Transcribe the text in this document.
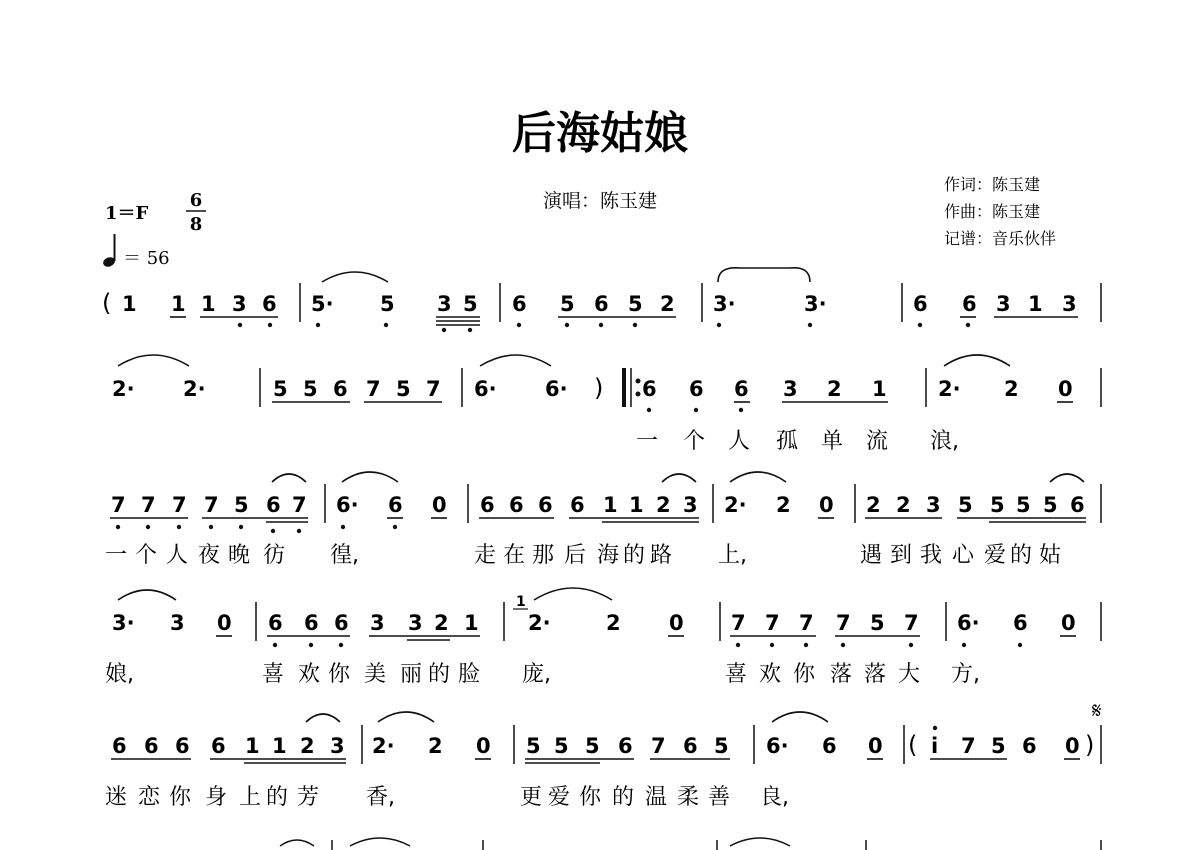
后海姑娘
演唱：陈玉建
作词：陈玉建
作曲：陈玉建
记谱：音乐伙伴
1＝F
6
8
＝ 56
( 1 1 1 3 6 5· 5 3 5 6 5 6 5 2 3·	3·	6 6 3 1 3
2· 2·	5 5 6 7 5 7 6· 6· ) 6 6 6 3 2 1 2· 2 0
一 个 人 孤 单 流 浪,
7 7 7 7 5 6 7 6· 6 0 6 6 6 6 1 1 2 3 2· 2 0 2 2 3 5 5 5 5 6
一 个 人 夜 晚 彷 徨,	走 在 那 后 海 的 路 上,	遇 到 我 心 爱 的 姑
3· 3 0 6 6 6 3 3 2 1
1
2·	2 0 7 7 7 7 5 7 6· 6 0
娘,	喜 欢 你 美 丽 的 脸 庞,	喜 欢 你 落 落 大 方,
𝄋
6 6 6 6 1 1 2 3 2· 2 0 5 5 5 6 7 6 5 6· 6 0 ( i 7 5 6 0 )
迷 恋 你 身 上 的 芳 香,	更 爱 你 的 温 柔 善 良,
